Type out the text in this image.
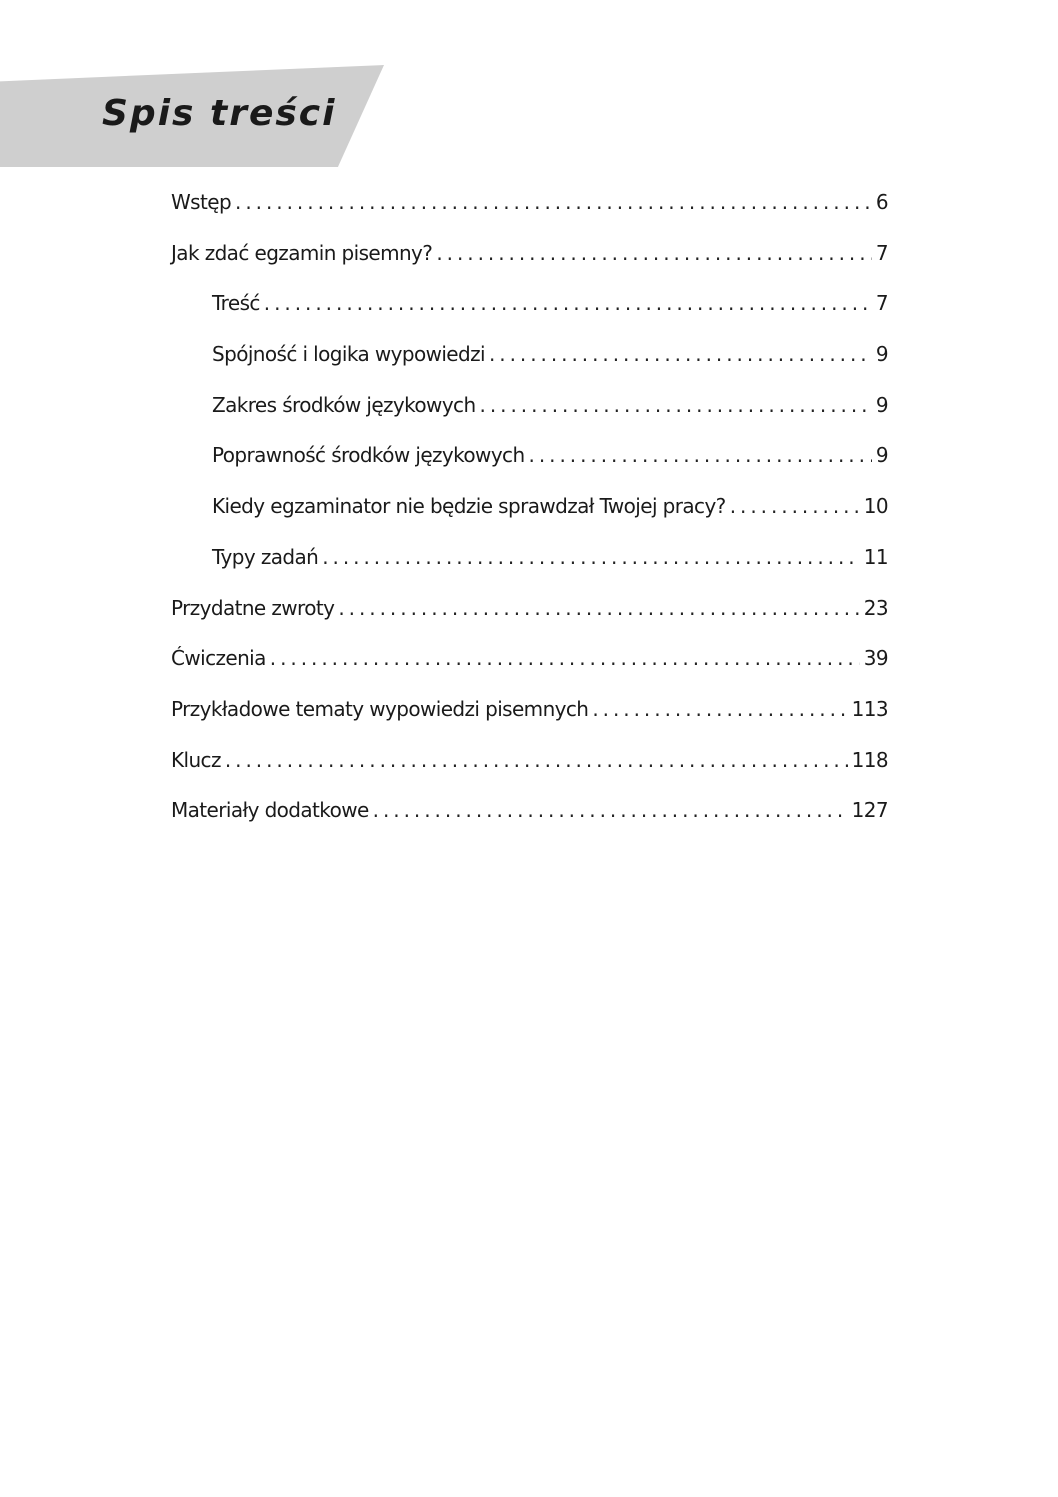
Spis treści
Wstęp . . .	6
Jak zdać egzamin pisemny? . . .	7
Treść . . .	7
Spójność i logika wypowiedzi . . .	9
Zakres środków językowych . . .	9
Poprawność środków językowych . . .	9
Kiedy egzaminator nie będzie sprawdzał Twojej pracy? . . .	10
Typy zadań . . .	11
Przydatne zwroty . . .	23
Ćwiczenia . . .	39
Przykładowe tematy wypowiedzi pisemnych . . .	113
Klucz . . .	118
Materiały dodatkowe . . .	127
